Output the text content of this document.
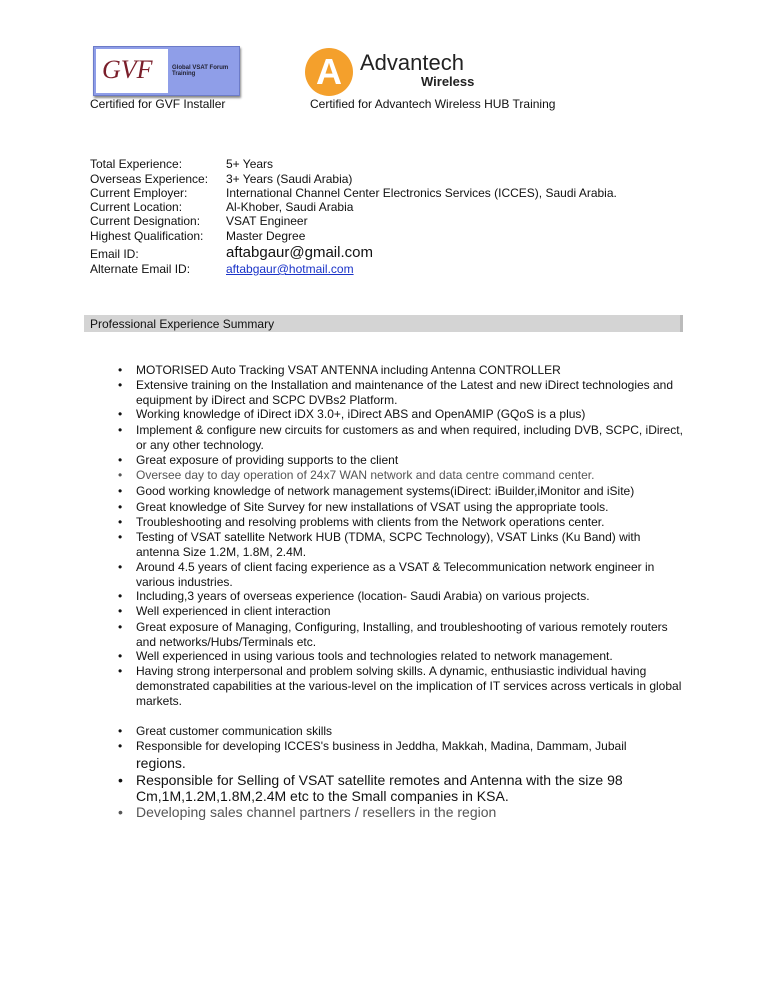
GVF	Global VSAT Forum Training	A Advantech
Wireless
Certified for GVF Installer	Certified for Advantech Wireless HUB Training
Total Experience:	5+ Years
Overseas Experience: 3+ Years (Saudi Arabia)
Current Employer:	International Channel Center Electronics Services (ICCES), Saudi Arabia.
Current Location:	Al-Khober, Saudi Arabia
Current Designation: VSAT Engineer
Highest Qualification: Master Degree
Email ID:	aftabgaur@gmail.com
Alternate Email ID:	aftabgaur@hotmail.com
Professional Experience Summary
• MOTORISED Auto Tracking VSAT ANTENNA including Antenna CONTROLLER
• Extensive training on the Installation and maintenance of the Latest and new iDirect technologies and equipment by iDirect and SCPC DVBs2 Platform.
• Working knowledge of iDirect iDX 3.0+, iDirect ABS and OpenAMIP (GQoS is a plus)
• Implement & configure new circuits for customers as and when required, including DVB, SCPC, iDirect, or any other technology.
• Great exposure of providing supports to the client
• Oversee day to day operation of 24x7 WAN network and data centre command center.
• Good working knowledge of network management systems(iDirect: iBuilder,iMonitor and iSite)
• Great knowledge of Site Survey for new installations of VSAT using the appropriate tools.
• Troubleshooting and resolving problems with clients from the Network operations center.
• Testing of VSAT satellite Network HUB (TDMA, SCPC Technology), VSAT Links (Ku Band) with antenna Size 1.2M, 1.8M, 2.4M.
• Around 4.5 years of client facing experience as a VSAT & Telecommunication network engineer in various industries.
• Including,3 years of overseas experience (location- Saudi Arabia) on various projects.
• Well experienced in client interaction
• Great exposure of Managing, Configuring, Installing, and troubleshooting of various remotely routers and networks/Hubs/Terminals etc.
• Well experienced in using various tools and technologies related to network management.
• Having strong interpersonal and problem solving skills. A dynamic, enthusiastic individual having demonstrated capabilities at the various-level on the implication of IT services across verticals in global markets.
• Great customer communication skills
• Responsible for developing ICCES's business in Jeddha, Makkah, Madina, Dammam, Jubail
regions.
• Responsible for Selling of VSAT satellite remotes and Antenna with the size 98 Cm,1M,1.2M,1.8M,2.4M etc to the Small companies in KSA.
• Developing sales channel partners / resellers in the region
